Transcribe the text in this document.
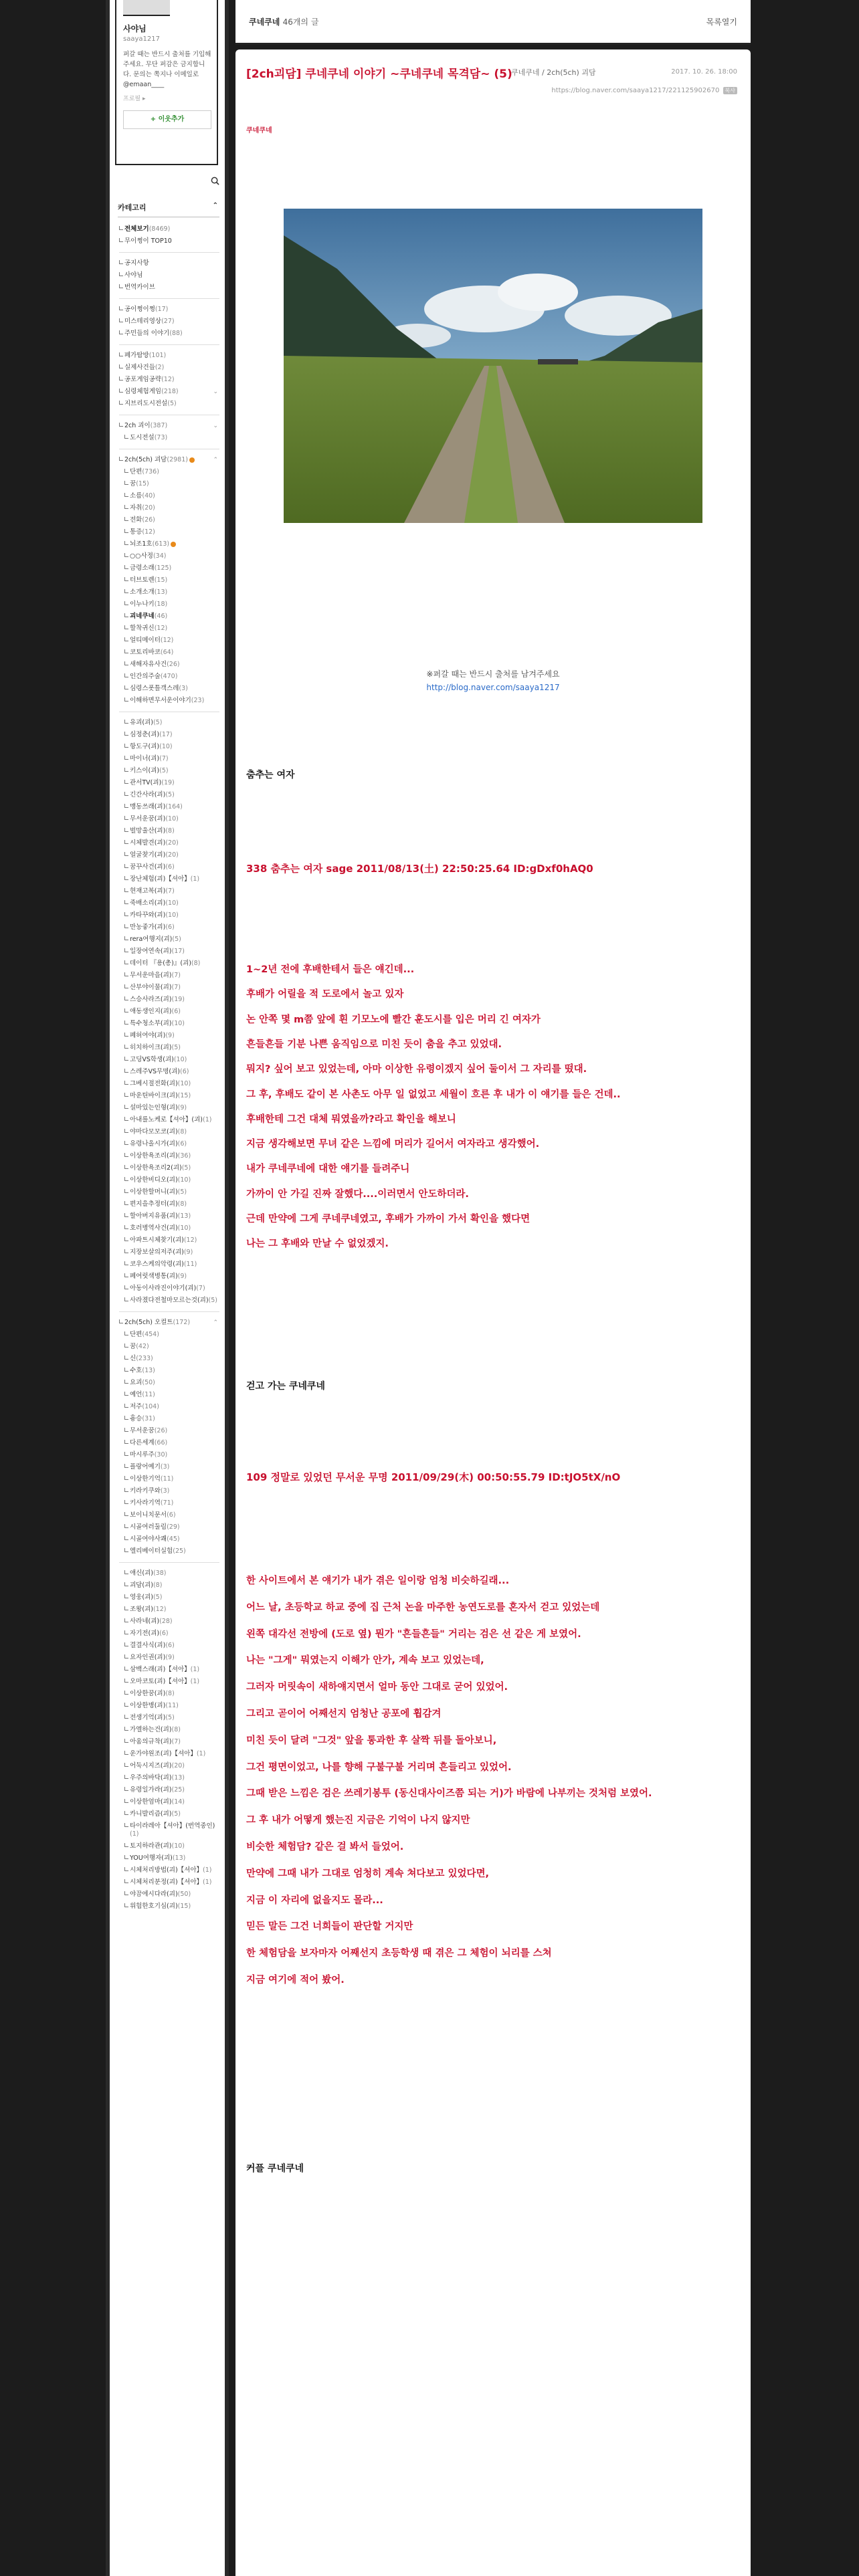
사야님
saaya1217
퍼갈 때는 반드시 출처를 기입해주세요. 무단 퍼감은 금지합니다. 문의는 쪽지나 이메일로 @emaan____
프로필 ▸
+ 이웃추가
카테고리	⌃
전체보기(8469)
무이쩡이 TOP10
공지사항
사야님
번역카이브
공이쩡이쩡(17)
미스테리영상(27)
주민들의 이야기(88)
폐가탐방(101)
실제사건들(2)
공포게임공략(12)
심령체험게임(218)	⌄
지브리도시전설(5)
2ch 괴이(387)	⌄
도시전설(73)
2ch(5ch) 괴담(2981)	⌃
단편(736)
꿈(15)
소름(40)
자취(20)
전화(26)
통증(12)
뇌조1호(613)
○○사정(34)
금령소래(125)
터브토렌(15)
소개소개(13)
이누나키(18)
괴네쿠네(46)
할착귀신(12)
얼티메이터(12)
코토리바코(64)
새해자유사건(26)
인간의주술(470)
심령스폿틀객스레(3)
이해하면무서운이야기(23)
유괴(괴)(5)
심정춘(괴)(17)
항도구(괴)(10)
마이너(괴)(7)
키스이(괴)(5)
관서TV(괴)(19)
긴간사라(괴)(5)
맹동쓰래(괴)(164)
무서운꿈(괴)(10)
벌망울산(괴)(8)
시체발견(괴)(20)
얼굴찾기(괴)(20)
꿈꾸사건(괴)(6)
장난체험(괴)【셔아】(1)
현재고복(괴)(7)
죽배소리(괴)(10)
카타꾸와(괴)(10)
만농좋가(괴)(6)
rera여행지(괴)(5)
일장여연속(괴)(17)
데이터 『용(총)』(괴)(8)
무서운마을(괴)(7)
산부야이물(괴)(7)
스승사라즈(괴)(19)
애동생인지(괴)(6)
특수청소부(괴)(10)
폐허여야(괴)(9)
히치하이크(괴)(5)
고딩VS학생(괴)(10)
스레주VS무명(괴)(6)
그베시절전화(괴)(10)
마운틴바이크(괴)(15)
설마있는인형(괴)(9)
아내를노케로【셔아】(괴)(1)
야마다모모코(괴)(8)
유령나올시가(괴)(6)
이상한욕조리(괴)(36)
이상한욕조리2(괴)(5)
이상한비디오(괴)(10)
이상한할머니(괴)(5)
편지을추정터(괴)(8)
할아버지유품(괴)(13)
호러병역사건(괴)(10)
아파트시체찾기(괴)(12)
지장보살의저주(괴)(9)
코우스케의악령(괴)(11)
폐여럿색병통(괴)(9)
아동이사라진이야기(괴)(7)
사라졌다전철마모르는것(괴)(5)
2ch(5ch) 오컬트(172)	⌃
단편(454)
꿈(42)
신(233)
수호(13)
요괴(50)
예언(11)
저주(104)
흉승(31)
무서운꿈(26)
다른세계(66)
마시루주(30)
플랑어예기(3)
이상한기억(11)
키라키쿠와(3)
키사라기역(71)
보이니치문서(6)
시골여러둘림(29)
시골여야사쾌(45)
엘리베이터실험(25)
애신(괴)(38)
괴담(괴)(8)
영웅(괴)(5)
조왕(괴)(12)
사라네(괴)(28)
자기전(괴)(6)
결결사식(괴)(6)
요자인권(괴)(9)
삼백스래(괴)【셔아】(1)
오마코토(괴)【셔아】(1)
이상한꿈(괴)(8)
이상한병(괴)(11)
전생기억(괴)(5)
가엘하는건(괴)(8)
아움의규착(괴)(7)
운가야원조(괴)【셔아】(1)
어둑시지즈(괴)(20)
우주의바닥(괴)(13)
유령일가라(괴)(25)
이상한엄마(괴)(14)
카니발리즘(괴)(5)
타이라레아【셔아】(번역중인)(1)
토지하라관(괴)(10)
YOU여행자(괴)(13)
시체처리방법(괴)【셔아】(1)
시체처리분정(괴)【셔아】(1)
야끔에시다라(괴)(50)
위험한호기심(괴)(15)
쿠네쿠네 46개의 글	목록열기
[2ch괴담] 쿠네쿠네 이야기 ~쿠네쿠네 목격담~ (5)
쿠네쿠네 / 2ch(5ch) 괴담	2017. 10. 26. 18:00
https://blog.naver.com/saaya1217/221125902670 복사
쿠네쿠네
※퍼갈 때는 반드시 출처를 남겨주세요
http://blog.naver.com/saaya1217
춤추는 여자
338 춤추는 여자 sage 2011/08/13(土) 22:50:25.64 ID:gDxf0hAQ0
1~2년 전에 후배한테서 들은 얘긴데...
후배가 어릴을 적 도로에서 놀고 있자
논 안쪽 몇 m쯤 앞에 흰 기모노에 빨간 훈도시를 입은 머리 긴 여자가
흔들흔들 기분 나쁜 움직임으로 미친 듯이 춤을 추고 있었대.
뭐지? 싶어 보고 있었는데, 아마 이상한 유령이겠지 싶어 둘이서 그 자리를 떴대.
그 후, 후배도 같이 본 사촌도 아무 일 없었고 세월이 흐른 후 내가 이 얘기를 들은 건데..
후배한테 그건 대체 뭐였을까?라고 확인을 해보니
지금 생각해보면 무녀 같은 느낌에 머리가 길어서 여자라고 생각했어.
내가 쿠네쿠네에 대한 얘기를 들려주니
가까이 안 가길 진짜 잘했다....이러면서 안도하더라.
근데 만약에 그게 쿠네쿠네였고, 후배가 가까이 가서 확인을 했다면
나는 그 후배와 만날 수 없었겠지.
걷고 가는 쿠네쿠네
109 정말로 있었던 무서운 무명 2011/09/29(木) 00:50:55.79 ID:tJO5tX/nO
한 사이트에서 본 얘기가 내가 겪은 일이랑 엄청 비슷하길래...
어느 날, 초등학교 하교 중에 집 근처 논을 마주한 농연도로를 혼자서 걷고 있었는데
왼쪽 대각선 전방에 (도로 옆) 뭔가 "흔들흔들" 거리는 검은 선 같은 게 보였어.
나는 "그게" 뭐였는지 이해가 안가, 계속 보고 있었는데,
그러자 머릿속이 새하얘지면서 얼마 동안 그대로 굳어 있었어.
그리고 곧이어 어째선지 엄청난 공포에 휩감겨
미친 듯이 달려 "그것" 앞을 통과한 후 살짝 뒤를 돌아보니,
그건 평면이었고, 나를 향해 구불구불 거리며 흔들리고 있었어.
그때 받은 느낌은 검은 쓰레기봉투 (동신대사이즈쯤 되는 거)가 바람에 나부끼는 것처럼 보였어.
그 후 내가 어떻게 했는진 지금은 기억이 나지 않지만
비슷한 체험담? 같은 걸 봐서 들었어.
만약에 그때 내가 그대로 엄청히 계속 쳐다보고 있었다면,
지금 이 자리에 없을지도 몰라...
믿든 말든 그건 너희들이 판단할 거지만
한 체험담을 보자마자 어째선지 초등학생 때 겪은 그 체험이 뇌리를 스쳐
지금 여기에 적어 봤어.
커플 쿠네쿠네
